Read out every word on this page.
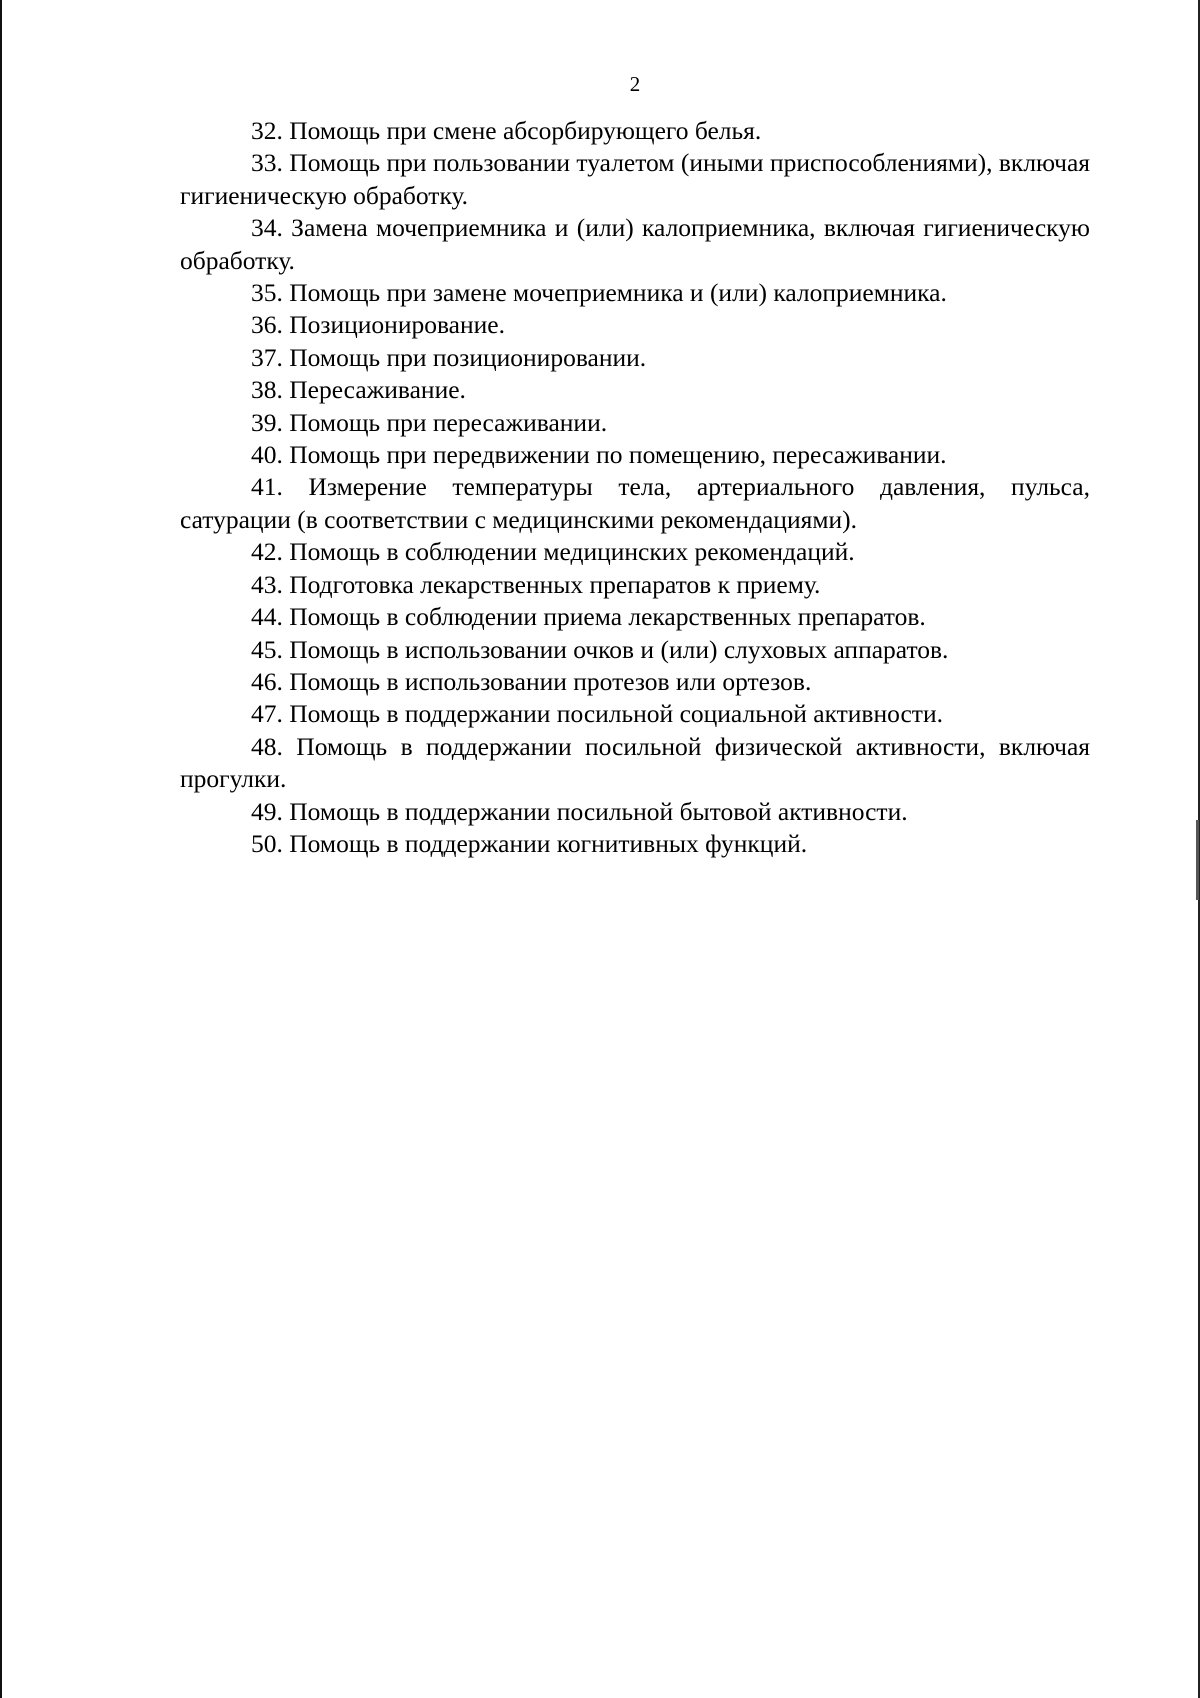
2

32. Помощь при смене абсорбирующего белья.

33. Помощь при пользовании туалетом (иными приспособлениями), включая гигиеническую обработку.

34. Замена мочеприемника и (или) калоприемника, включая гигиеническую обработку.

35. Помощь при замене мочеприемника и (или) калоприемника.

36. Позиционирование.

37. Помощь при позиционировании.

38. Пересаживание.

39. Помощь при пересаживании.

40. Помощь при передвижении по помещению, пересаживании.

41. Измерение температуры тела, артериального давления, пульса, сатурации (в соответствии с медицинскими рекомендациями).

42. Помощь в соблюдении медицинских рекомендаций.

43. Подготовка лекарственных препаратов к приему.

44. Помощь в соблюдении приема лекарственных препаратов.

45. Помощь в использовании очков и (или) слуховых аппаратов.

46. Помощь в использовании протезов или ортезов.

47. Помощь в поддержании посильной социальной активности.

48. Помощь в поддержании посильной физической активности, включая прогулки.

49. Помощь в поддержании посильной бытовой активности.

50. Помощь в поддержании когнитивных функций.
